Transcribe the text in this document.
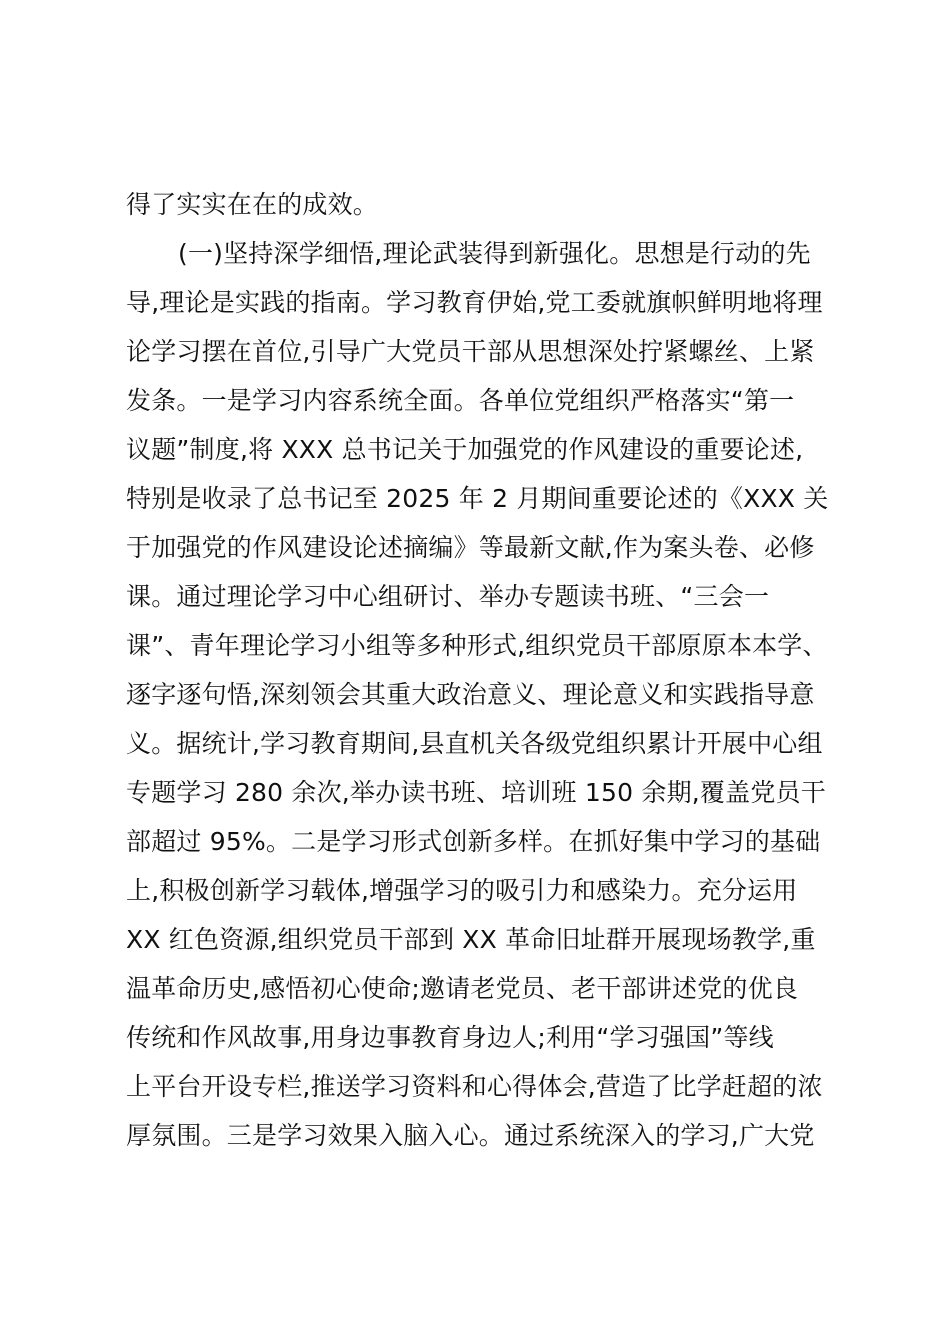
得了实实在在的成效。
(一)坚持深学细悟,理论武装得到新强化。思想是行动的先
导,理论是实践的指南。学习教育伊始,党工委就旗帜鲜明地将理
论学习摆在首位,引导广大党员干部从思想深处拧紧螺丝、上紧
发条。一是学习内容系统全面。各单位党组织严格落实“第一
议题”制度,将 XXX 总书记关于加强党的作风建设的重要论述,
特别是收录了总书记至 2025 年 2 月期间重要论述的《XXX 关
于加强党的作风建设论述摘编》等最新文献,作为案头卷、必修
课。通过理论学习中心组研讨、举办专题读书班、“三会一
课”、青年理论学习小组等多种形式,组织党员干部原原本本学、
逐字逐句悟,深刻领会其重大政治意义、理论意义和实践指导意
义。据统计,学习教育期间,县直机关各级党组织累计开展中心组
专题学习 280 余次,举办读书班、培训班 150 余期,覆盖党员干
部超过 95%。二是学习形式创新多样。在抓好集中学习的基础
上,积极创新学习载体,增强学习的吸引力和感染力。充分运用
XX 红色资源,组织党员干部到 XX 革命旧址群开展现场教学,重
温革命历史,感悟初心使命;邀请老党员、老干部讲述党的优良
传统和作风故事,用身边事教育身边人;利用“学习强国”等线
上平台开设专栏,推送学习资料和心得体会,营造了比学赶超的浓
厚氛围。三是学习效果入脑入心。通过系统深入的学习,广大党
